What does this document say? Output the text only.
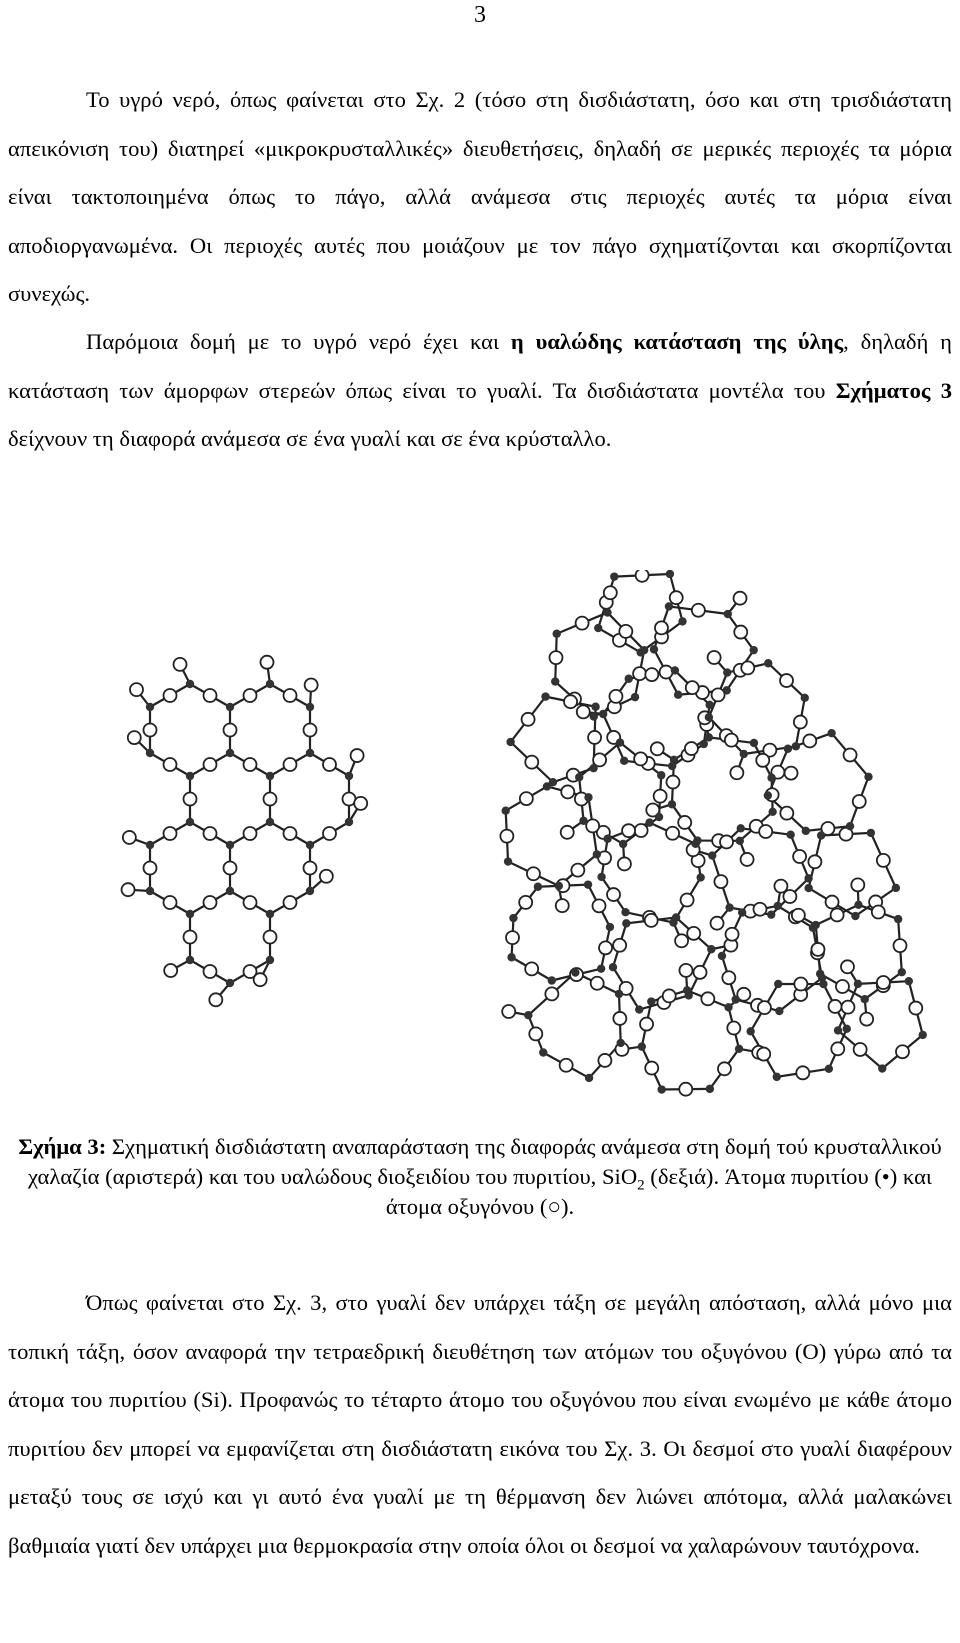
3

Το υγρό νερό, όπως φαίνεται στο Σχ. 2 (τόσο στη δισδιάστατη, όσο και στη τρισδιάστατη απεικόνιση του) διατηρεί «μικροκρυσταλλικές» διευθετήσεις, δηλαδή σε μερικές περιοχές τα μόρια είναι τακτοποιημένα όπως το πάγο, αλλά ανάμεσα στις περιοχές αυτές τα μόρια είναι αποδιοργανωμένα. Οι περιοχές αυτές που μοιάζουν με τον πάγο σχηματίζονται και σκορπίζονται συνεχώς.

Παρόμοια δομή με το υγρό νερό έχει και η υαλώδης κατάσταση της ύλης, δηλαδή η κατάσταση των άμορφων στερεών όπως είναι το γυαλί. Τα δισδιάστατα μοντέλα του Σχήματος 3 δείχνουν τη διαφορά ανάμεσα σε ένα γυαλί και σε ένα κρύσταλλο.

Σχήμα 3: Σχηματική δισδιάστατη αναπαράσταση της διαφοράς ανάμεσα στη δομή τού κρυσταλλικού χαλαζία (αριστερά) και του υαλώδους διοξειδίου του πυριτίου, SiO$_2$ (δεξιά). Άτομα πυριτίου (•) και άτομα οξυγόνου (○).

Όπως φαίνεται στο Σχ. 3, στο γυαλί δεν υπάρχει τάξη σε μεγάλη απόσταση, αλλά μόνο μια τοπική τάξη, όσον αναφορά την τετραεδρική διευθέτηση των ατόμων του οξυγόνου (Ο) γύρω από τα άτομα του πυριτίου (Si). Προφανώς το τέταρτο άτομο του οξυγόνου που είναι ενωμένο με κάθε άτομο πυριτίου δεν μπορεί να εμφανίζεται στη δισδιάστατη εικόνα του Σχ. 3. Οι δεσμοί στο γυαλί διαφέρουν μεταξύ τους σε ισχύ και γι αυτό ένα γυαλί με τη θέρμανση δεν λιώνει απότομα, αλλά μαλακώνει βαθμιαία γιατί δεν υπάρχει μια θερμοκρασία στην οποία όλοι οι δεσμοί να χαλαρώνουν ταυτόχρονα.
